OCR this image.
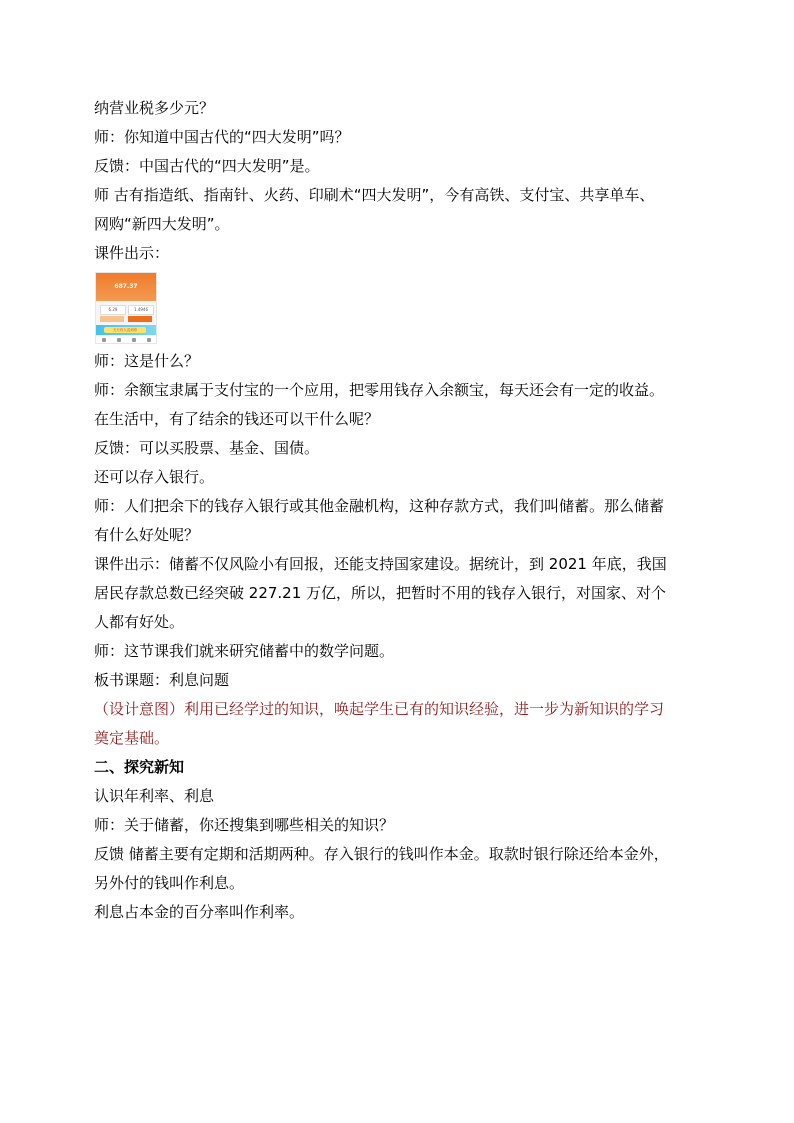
纳营业税多少元？
师：你知道中国古代的“四大发明”吗？
反馈：中国古代的“四大发明”是。
师 古有指造纸、指南针、火药、印刷术“四大发明”，今有高铁、支付宝、共享单车、
网购“新四大发明”。
课件出示：
687.37
6.29	1.4946
天天有人送到你
师：这是什么？
师：余额宝隶属于支付宝的一个应用，把零用钱存入余额宝，每天还会有一定的收益。
在生活中，有了结余的钱还可以干什么呢？
反馈：可以买股票、基金、国债。
还可以存入银行。
师：人们把余下的钱存入银行或其他金融机构，这种存款方式，我们叫储蓄。那么储蓄
有什么好处呢？
课件出示：储蓄不仅风险小有回报，还能支持国家建设。据统计，到 2021 年底，我国
居民存款总数已经突破 227.21 万亿，所以，把暂时不用的钱存入银行，对国家、对个
人都有好处。
师：这节课我们就来研究储蓄中的数学问题。
板书课题：利息问题
（设计意图）利用已经学过的知识，唤起学生已有的知识经验，进一步为新知识的学习
奠定基础。
二、探究新知
认识年利率、利息
师：关于储蓄，你还搜集到哪些相关的知识？
反馈 储蓄主要有定期和活期两种。存入银行的钱叫作本金。取款时银行除还给本金外，
另外付的钱叫作利息。
利息占本金的百分率叫作利率。
